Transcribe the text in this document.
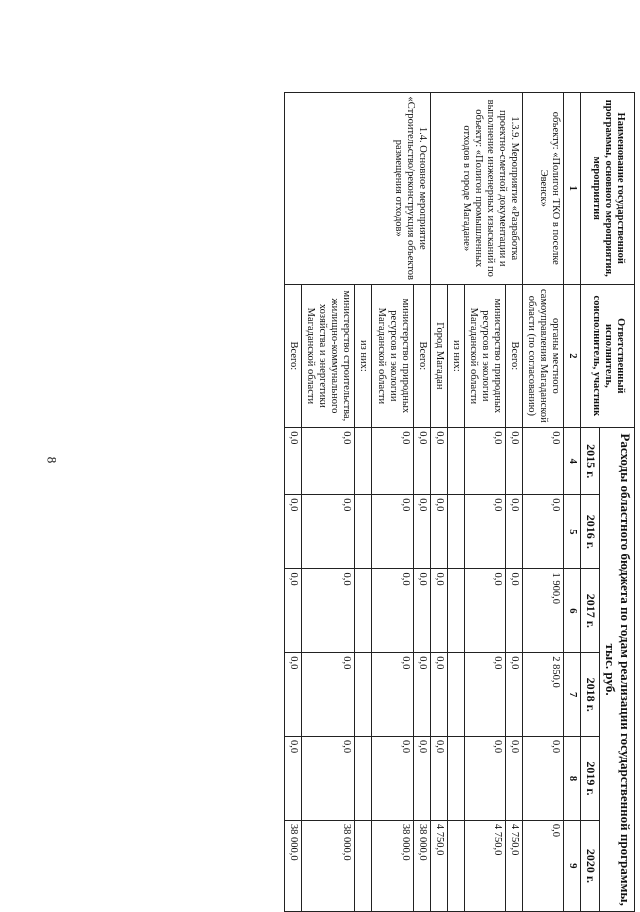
8
Наименование государственной программы, основного мероприятия, мероприятия	Ответственный исполнитель, соисполнитель, участник	Расходы областного бюджета по годам реализации государственной программы, тыс. руб.					
		2015 г.	2016 г.	2017 г.	2018 г.	2019 г.	2020 г.
1	2	4	5	6	7	8	9
объекту: «Полигон ТКО в поселке Эвенск»	органы местного самоуправления Магаданской области (по согласованию)	0,0	0,0	1 900,0	2 850,0	0,0	0,0
1.3.9. Мероприятие «Разработка проектно-сметной документации и выполнение инженерных изысканий по объекту: «Полигон промышленных отходов в городе Магадане»	Всего:	0,0	0,0	0,0	0,0	0,0	4 750,0
	министерство природных ресурсов и экологии Магаданской области	0,0	0,0	0,0	0,0	0,0	4 750,0
	из них:						
	Город Магадан	0,0	0,0	0,0	0,0	0,0	4 750,0
1.4. Основное мероприятие «Строительство/реконструкция объектов размещения отходов»	Всего:	0,0	0,0	0,0	0,0	0,0	38 000,0
	министерство природных ресурсов и экологии Магаданской области	0,0	0,0	0,0	0,0	0,0	38 000,0
	из них:						
	министерство строительства, жилищно-коммунального хозяйства и энергетики Магаданской области	0,0	0,0	0,0	0,0	0,0	38 000,0
	Всего:	0,0	0,0	0,0	0,0	0,0	38 000,0
